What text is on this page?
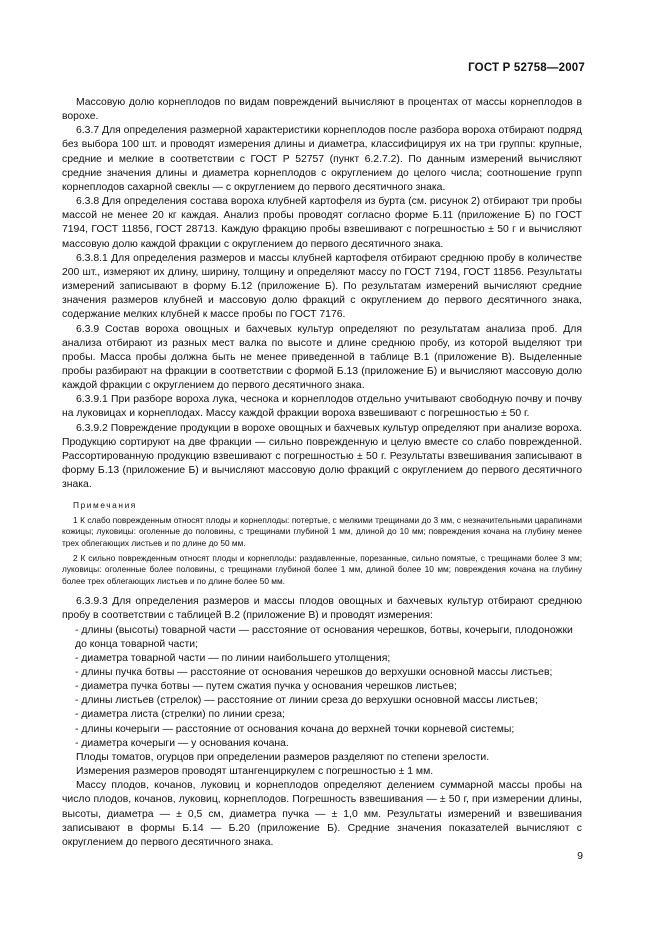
ГОСТ Р 52758—2007

Массовую долю корнеплодов по видам повреждений вычисляют в процентах от массы корнеплодов в ворохе.

6.3.7 Для определения размерной характеристики корнеплодов после разбора вороха отбирают подряд без выбора 100 шт. и проводят измерения длины и диаметра, классифицируя их на три группы: крупные, средние и мелкие в соответствии с ГОСТ Р 52757 (пункт 6.2.7.2). По данным измерений вычисляют средние значения длины и диаметра корнеплодов с округлением до целого числа; соотношение групп корнеплодов сахарной свеклы — с округлением до первого десятичного знака.

6.3.8 Для определения состава вороха клубней картофеля из бурта (см. рисунок 2) отбирают три пробы массой не менее 20 кг каждая. Анализ пробы проводят согласно форме Б.11 (приложение Б) по ГОСТ 7194, ГОСТ 11856, ГОСТ 28713. Каждую фракцию пробы взвешивают с погрешностью ± 50 г и вычисляют массовую долю каждой фракции с округлением до первого десятичного знака.

6.3.8.1 Для определения размеров и массы клубней картофеля отбирают среднюю пробу в количестве 200 шт., измеряют их длину, ширину, толщину и определяют массу по ГОСТ 7194, ГОСТ 11856. Результаты измерений записывают в форму Б.12 (приложение Б). По результатам измерений вычисляют средние значения размеров клубней и массовую долю фракций с округлением до первого десятичного знака, содержание мелких клубней к массе пробы по ГОСТ 7176.

6.3.9 Состав вороха овощных и бахчевых культур определяют по результатам анализа проб. Для анализа отбирают из разных мест валка по высоте и длине среднюю пробу, из которой выделяют три пробы. Масса пробы должна быть не менее приведенной в таблице В.1 (приложение В). Выделенные пробы разбирают на фракции в соответствии с формой Б.13 (приложение Б) и вычисляют массовую долю каждой фракции с округлением до первого десятичного знака.

6.3.9.1 При разборе вороха лука, чеснока и корнеплодов отдельно учитывают свободную почву и почву на луковицах и корнеплодах. Массу каждой фракции вороха взвешивают с погрешностью ± 50 г.

6.3.9.2 Повреждение продукции в ворохе овощных и бахчевых культур определяют при анализе вороха. Продукцию сортируют на две фракции — сильно поврежденную и целую вместе со слабо поврежденной. Рассортированную продукцию взвешивают с погрешностью ± 50 г. Результаты взвешивания записывают в форму Б.13 (приложение Б) и вычисляют массовую долю фракций с округлением до первого десятичного знака.

Примечания

1 К слабо поврежденным относят плоды и корнеплоды: потертые, с мелкими трещинами до 3 мм, с незначительными царапинами кожицы; луковицы: оголенные до половины, с трещинами глубиной 1 мм, длиной до 10 мм; повреждения кочана на глубину менее трех облегающих листьев и по длине до 50 мм.

2 К сильно поврежденным относят плоды и корнеплоды: раздавленные, порезанные, сильно помятые, с трещинами более 3 мм; луковицы: оголенные более половины, с трещинами глубиной более 1 мм, длиной более 10 мм; повреждения кочана на глубину более трех облегающих листьев и по длине более 50 мм.

6.3.9.3 Для определения размеров и массы плодов овощных и бахчевых культур отбирают среднюю пробу в соответствии с таблицей В.2 (приложение В) и проводят измерения:

- длины (высоты) товарной части — расстояние от основания черешков, ботвы, кочерыги, плодоножки до конца товарной части;

- диаметра товарной части — по линии наибольшего утолщения;

- длины пучка ботвы — расстояние от основания черешков до верхушки основной массы листьев;

- диаметра пучка ботвы — путем сжатия пучка у основания черешков листьев;

- длины листьев (стрелок) — расстояние от линии среза до верхушки основной массы листьев;

- диаметра листа (стрелки) по линии среза;

- длины кочерыги — расстояние от основания кочана до верхней точки корневой системы;

- диаметра кочерыги — у основания кочана.

Плоды томатов, огурцов при определении размеров разделяют по степени зрелости.

Измерения размеров проводят штангенциркулем с погрешностью ± 1 мм.

Массу плодов, кочанов, луковиц и корнеплодов определяют делением суммарной массы пробы на число плодов, кочанов, луковиц, корнеплодов. Погрешность взвешивания — ± 50 г, при измерении длины, высоты, диаметра — ± 0,5 см, диаметра пучка — ± 1,0 мм. Результаты измерений и взвешивания записывают в формы Б.14 — Б.20 (приложение Б). Средние значения показателей вычисляют с округлением до первого десятичного знака.

9
